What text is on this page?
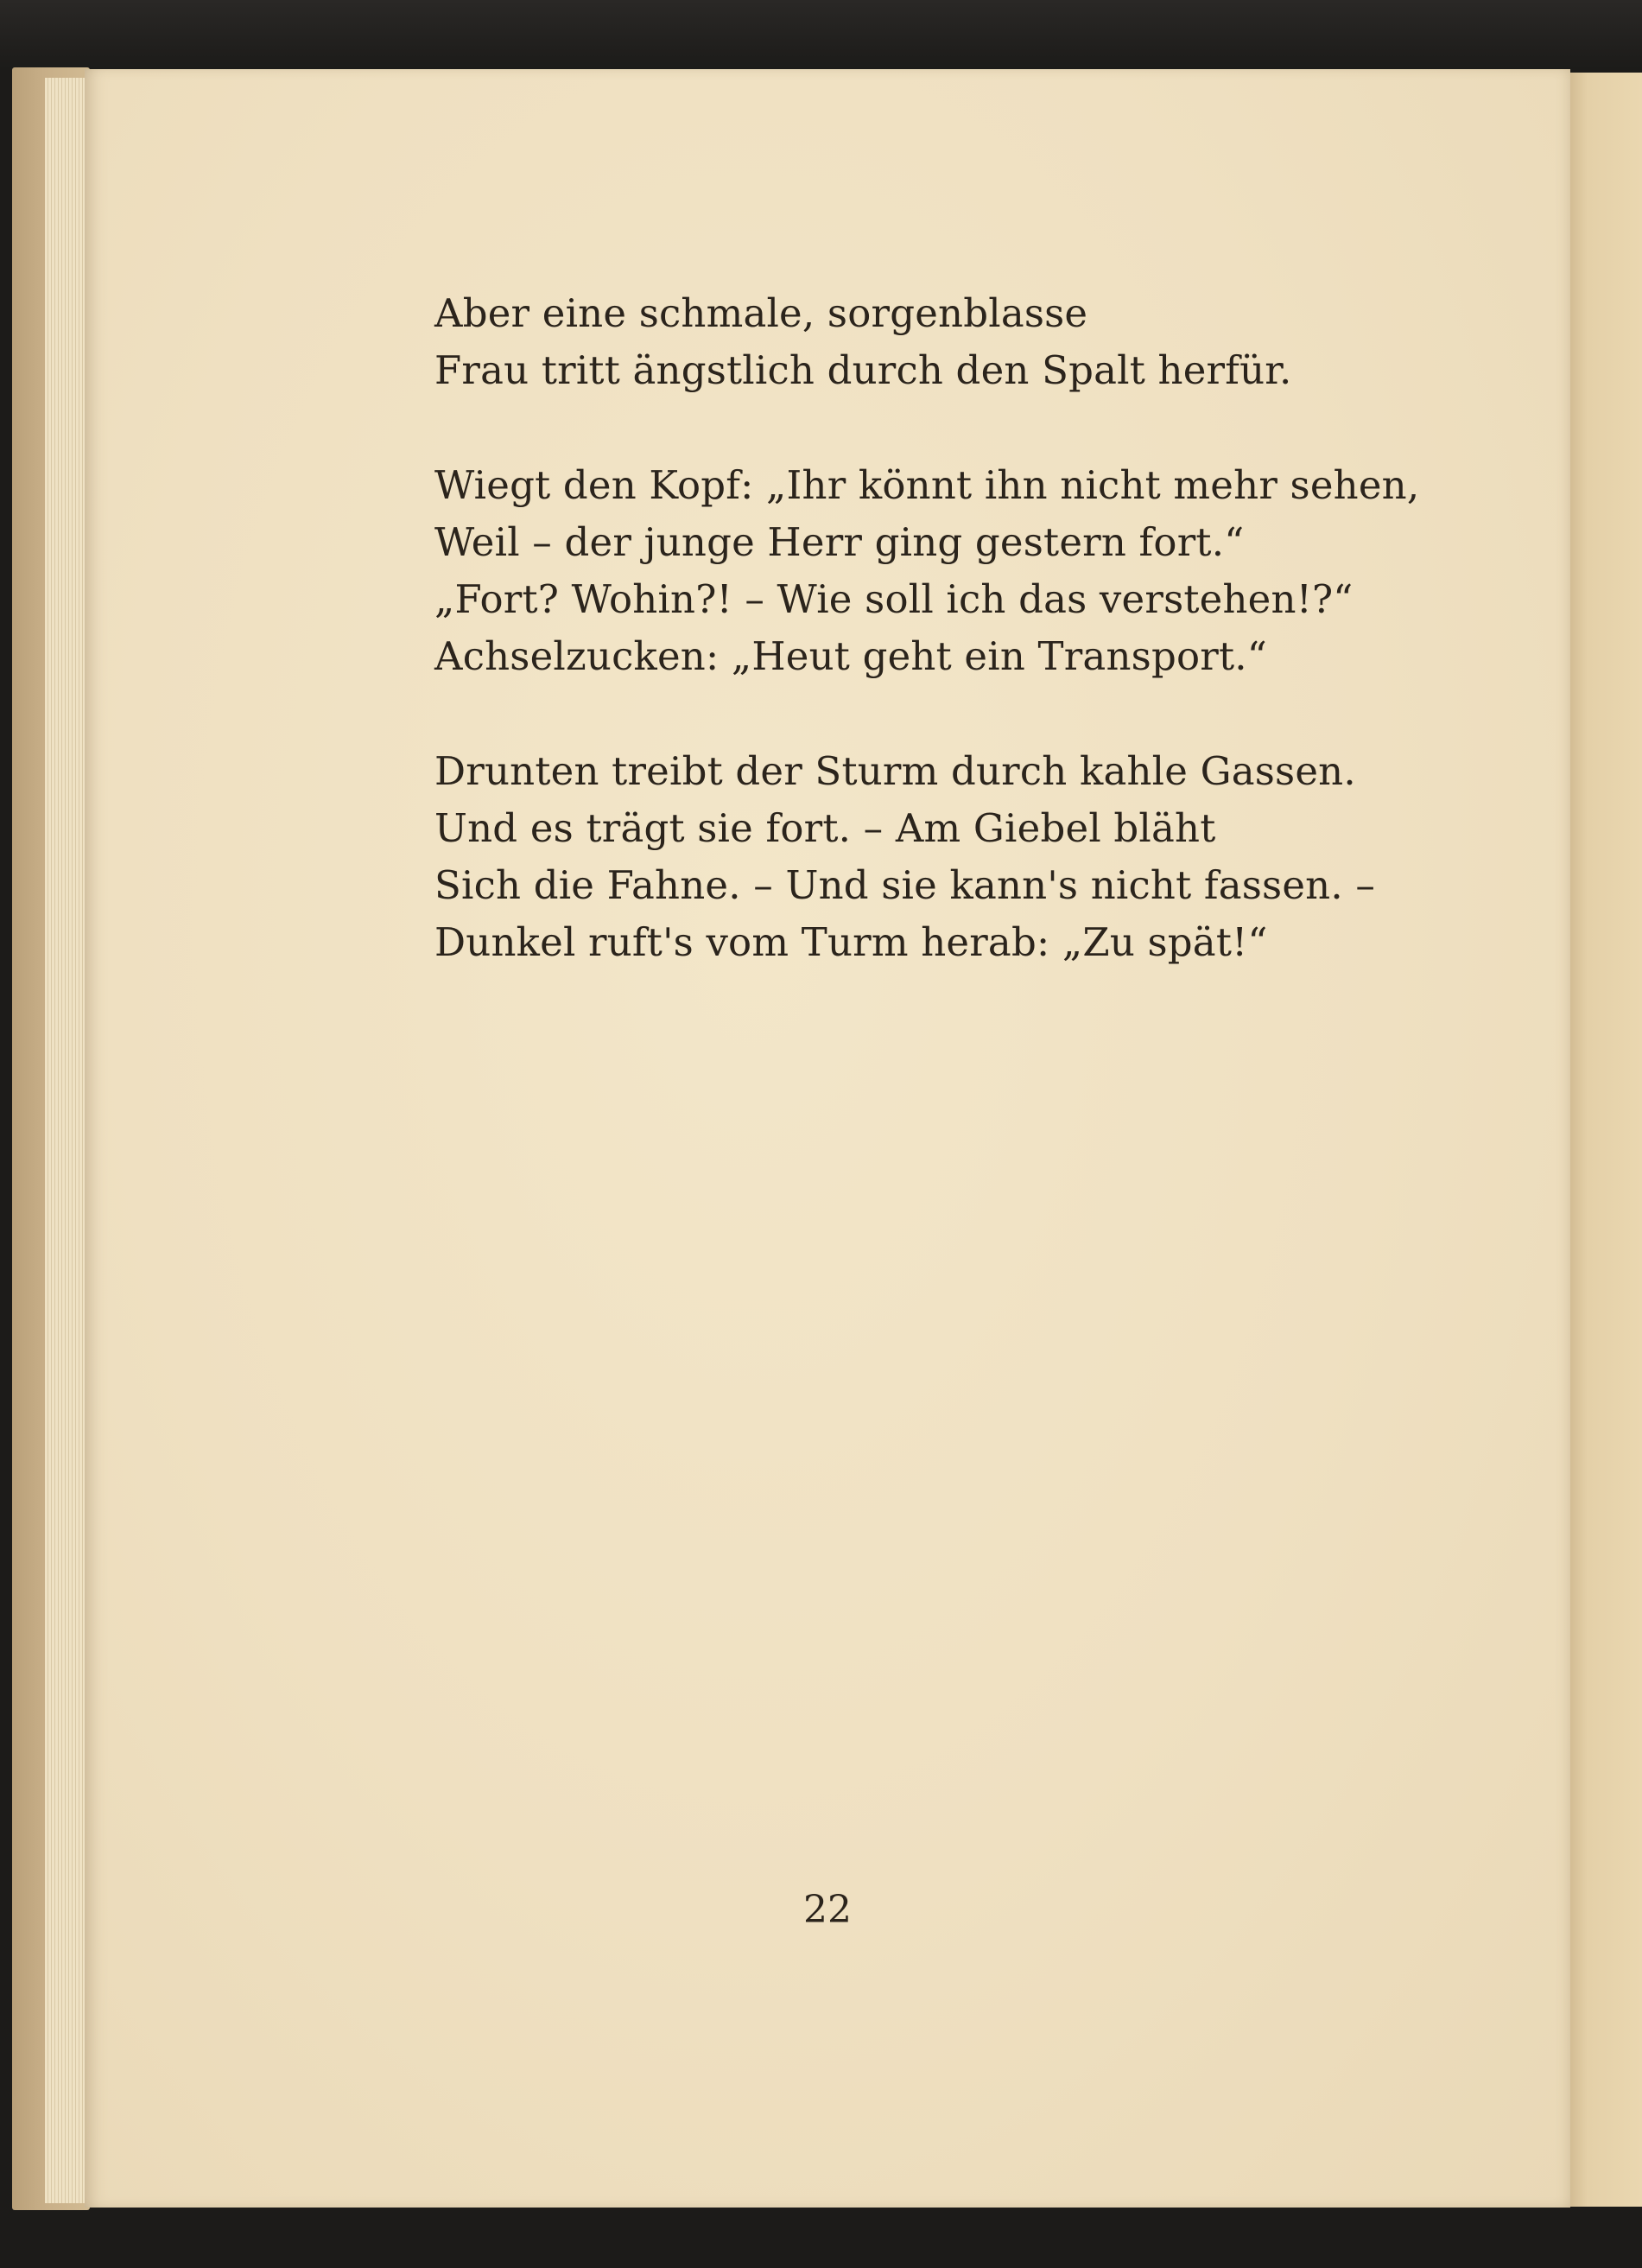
Aber eine schmale, sorgenblasse
Frau tritt ängstlich durch den Spalt herfür.
Wiegt den Kopf: „Ihr könnt ihn nicht mehr sehen,
Weil – der junge Herr ging gestern fort.“
„Fort? Wohin?! – Wie soll ich das verstehen!?“
Achselzucken: „Heut geht ein Transport.“
Drunten treibt der Sturm durch kahle Gassen.
Und es trägt sie fort. – Am Giebel bläht
Sich die Fahne. – Und sie kann's nicht fassen. –
Dunkel ruft's vom Turm herab: „Zu spät!“
22
